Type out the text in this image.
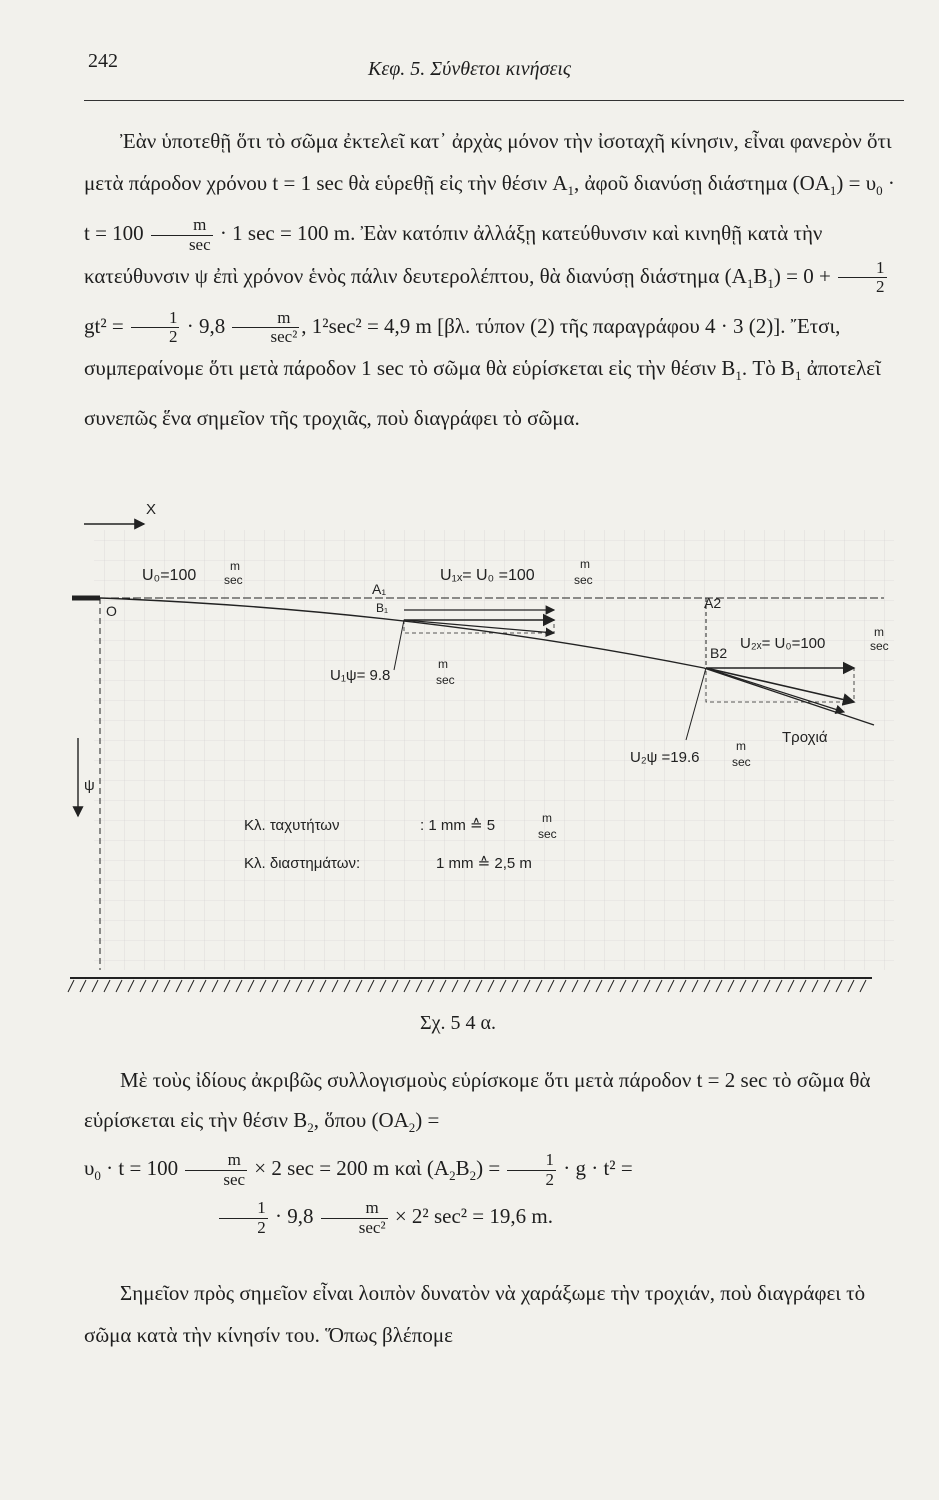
242	Κεφ. 5. Σύνθετοι κινήσεις

Ἐὰν ὑποτεθῇ ὅτι τὸ σῶμα ἐκτελεῖ κατ᾽ ἀρχὰς μόνον τὴν ἰσοταχῆ κίνησιν, εἶναι φανερὸν ὅτι μετὰ πάροδον χρόνου t = 1 sec θὰ εὑρεθῇ εἰς τὴν θέσιν $A_1$, ἀφοῦ διανύσῃ διάστημα $(OA_1) = \upsilon_0 \cdot t = 100 \frac{m}{\sec} \cdot 1$ sec = 100 m. Ἐὰν κατόπιν ἀλλάξῃ κατεύθυνσιν καὶ κινηθῇ κατὰ τὴν κατεύθυνσιν ψ ἐπὶ χρόνον ἑνὸς πάλιν δευτερολέπτου, θὰ διανύσῃ διάστημα $(A_1B_1) = 0 + \frac{1}{2}$
$gt^2 = \frac{1}{2} \cdot 9,8 \frac{m}{\text{sec²}}$ , 1²sec² = 4,9 m [βλ. τύπον (2) τῆς παραγράφου 4 · 3 (2)]. Ἔτσι, συμπεραίνομε ὅτι μετὰ πάροδον 1 sec τὸ σῶμα θὰ εὑρίσκεται εἰς τὴν θέσιν $B_1$. Τὸ $B_1$ ἀποτελεῖ συνεπῶς ἕνα σημεῖον τῆς τροχιᾶς, ποὺ διαγράφει τὸ σῶμα.

X
ψ
O
U₀=100
m
sec
A₁
B₁
U₁ₓ= U₀ =100
m
sec
U₁ψ= 9.8
m
sec
A2
B2
U₂ₓ= U₀=100
m
sec
Τροχιά
U₂ψ =19.6
m
sec
Κλ. ταχυτήτων	: 1 mm ≙ 5	m
sec
Κλ. διαστημάτων:	1 mm ≙ 2,5 m
Σχ. 5 4 α.

Μὲ τοὺς ἰδίους ἀκριβῶς συλλογισμοὺς εὑρίσκομε ὅτι μετὰ πάροδον t = 2 sec τὸ σῶμα θὰ εὑρίσκεται εἰς τὴν θέσιν $B_2$, ὅπου $(OA_2)$ =
$\upsilon_0 \cdot t = 100 \frac{m}{\sec} \times 2$ sec = 200 m καὶ $(A_2B_2) = \frac{1}{2} \cdot g \cdot t^2$ =

$\frac{1}{2} \cdot 9,8 \frac{m}{\text{sec²}} \times 2^2$ sec² = 19,6 m.

Σημεῖον πρὸς σημεῖον εἶναι λοιπὸν δυνατὸν νὰ χαράξωμε τὴν τροχιάν, ποὺ διαγράφει τὸ σῶμα κατὰ τὴν κίνησίν του. Ὅπως βλέπομε
